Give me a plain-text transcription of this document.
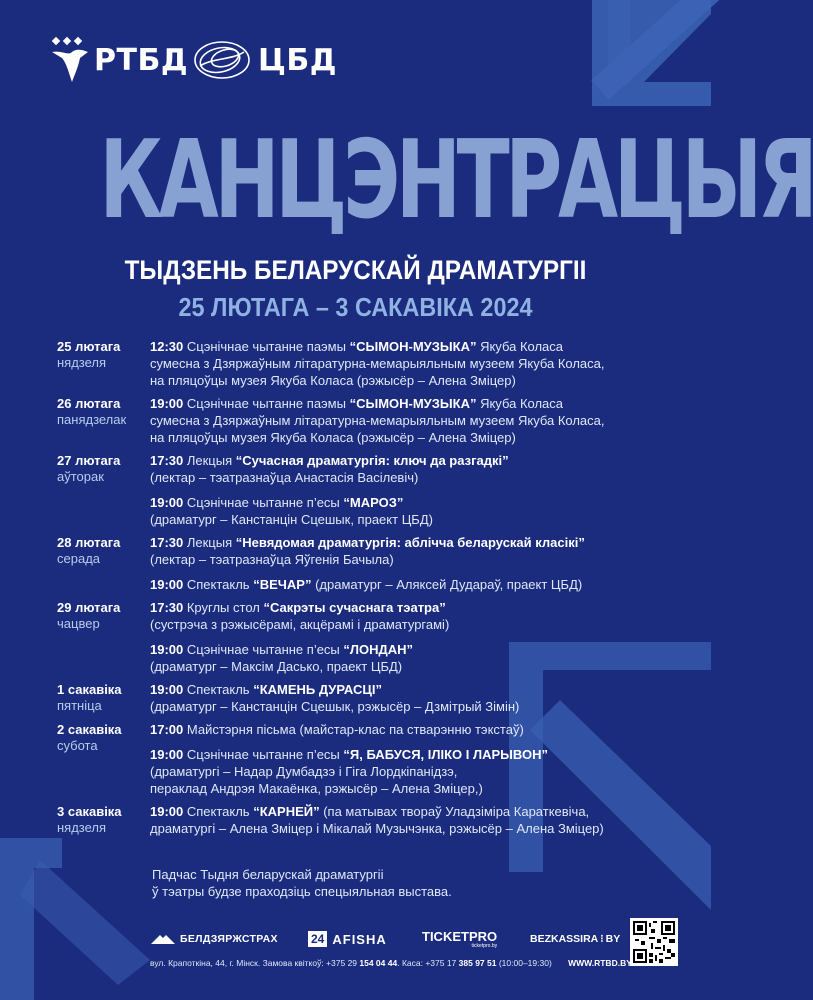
РТБД ЦБД
КАНЦЭНТРАЦЫЯ
ТЫДЗЕНЬ БЕЛАРУСКАЙ ДРАМАТУРГІІ
25 ЛЮТАГА – 3 САКАВІКА 2024
25 лютага
нядзеля
12:30 Сцэнічнае чытанне паэмы “СЫМОН-МУЗЫКА” Якуба Коласа
сумесна з Дзяржаўным літаратурна-мемарыяльным музеем Якуба Коласа,
на пляцоўцы музея Якуба Коласа (рэжысёр – Алена Зміцер)
26 лютага
панядзелак
19:00 Сцэнічнае чытанне паэмы “СЫМОН-МУЗЫКА” Якуба Коласа
сумесна з Дзяржаўным літаратурна-мемарыяльным музеем Якуба Коласа,
на пляцоўцы музея Якуба Коласа (рэжысёр – Алена Зміцер)
27 лютага
аўторак
17:30 Лекцыя “Сучасная драматургія: ключ да разгадкі”
(лектар – тэатразнаўца Анастасія Васілевіч)
19:00 Сцэнічнае чытанне п’есы “МАРОЗ”
(драматург – Канстанцін Сцешык, праект ЦБД)
28 лютага
серада
17:30 Лекцыя “Невядомая драматургія: аблічча беларускай класікі”
(лектар – тэатразнаўца Яўгенія Бачыла)
19:00 Спектакль “ВЕЧАР” (драматург – Аляксей Дудараў, праект ЦБД)
29 лютага
чацвер
17:30 Круглы стол “Сакрэты сучаснага тэатра”
(сустрэча з рэжысёрамі, акцёрамі і драматургамі)
19:00 Сцэнічнае чытанне п’есы “ЛОНДАН”
(драматург – Максім Дасько, праект ЦБД)
1 сакавіка
пятніца
19:00 Спектакль “КАМЕНЬ ДУРАСЦІ”
(драматург – Канстанцін Сцешык, рэжысёр – Дзмітрый Зімін)
2 сакавіка
субота
17:00 Майстэрня пісьма (майстар-клас па стварэнню тэкстаў)
19:00 Сцэнічнае чытанне п’есы “Я, БАБУСЯ, ІЛІКО І ЛАРЫВОН”
(драматургі – Надар Думбадзэ і Гіга Лордкіпанідзэ,
пераклад Андрэя Макаёнка, рэжысёр – Алена Зміцер,)
3 сакавіка
нядзеля
19:00 Спектакль “КАРНЕЙ” (па матывах твораў Уладзіміра Караткевіча,
драматургі – Алена Зміцер і Мікалай Музычэнка, рэжысёр – Алена Зміцер)
Падчас Тыдня беларускай драматургіі
ў тэатры будзе праходзіць спецыяльная выстава.
БЕЛДЗЯРЖСТРАХ	24 AFISHA	TICKETPRO
ticketpro.by
BEZKASSIRA ⁝ BY
вул. Крапоткіна, 44, г. Мінск. Замова квіткоў: +375 29 154 04 44. Каса: +375 17 385 97 51 (10:00–19:30) WWW.RTBD.BY
